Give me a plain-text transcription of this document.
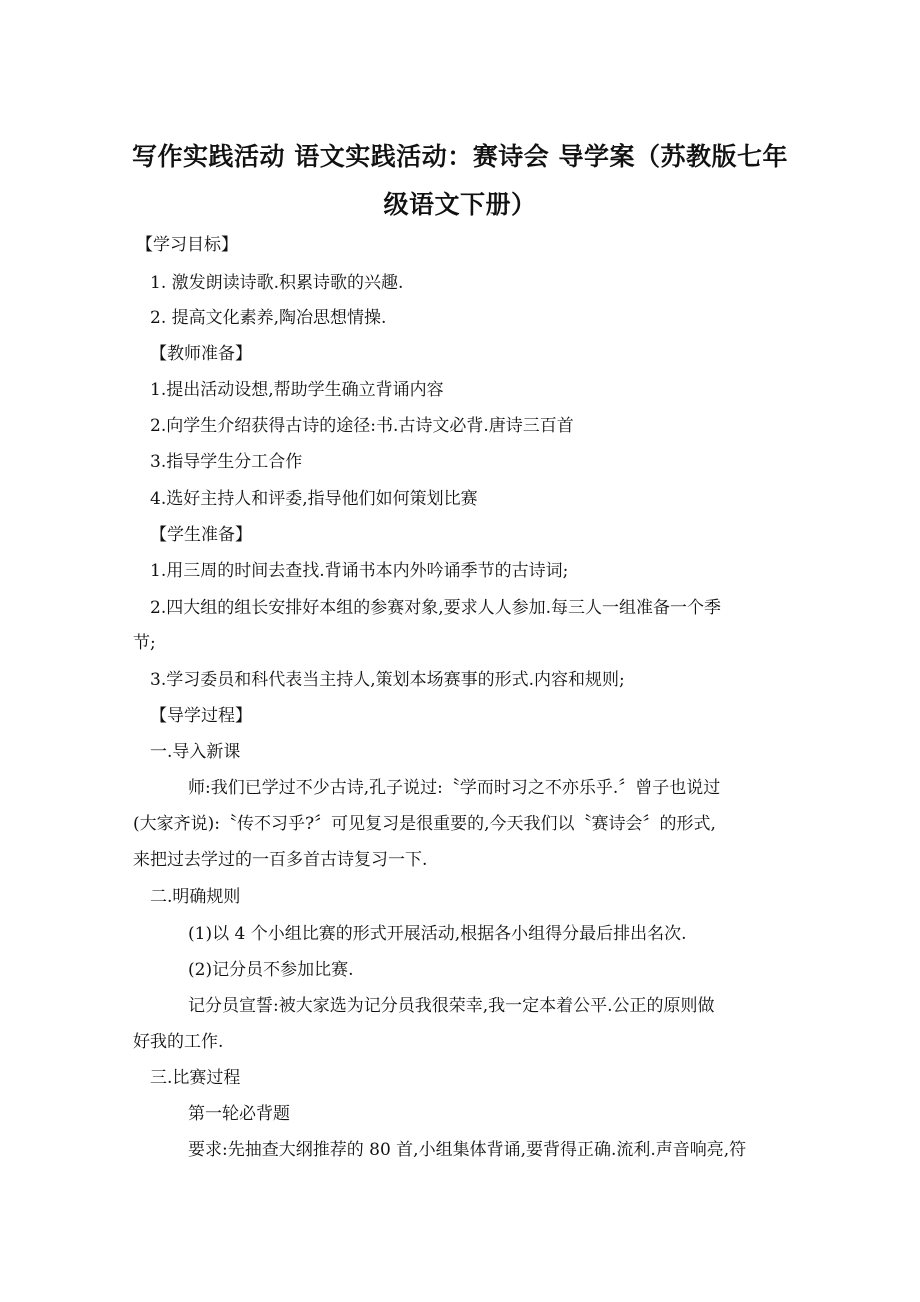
写作实践活动 语文实践活动：赛诗会 导学案（苏教版七年
级语文下册）
【学习目标】
1. 激发朗读诗歌.积累诗歌的兴趣.
2. 提高文化素养,陶冶思想情操.
【教师准备】
1.提出活动设想,帮助学生确立背诵内容
2.向学生介绍获得古诗的途径:书.古诗文必背.唐诗三百首
3.指导学生分工合作
4.选好主持人和评委,指导他们如何策划比赛
【学生准备】
1.用三周的时间去查找.背诵书本内外吟诵季节的古诗词;
2.四大组的组长安排好本组的参赛对象,要求人人参加.每三人一组准备一个季
节;
3.学习委员和科代表当主持人,策划本场赛事的形式.内容和规则;
【导学过程】
一.导入新课
师:我们已学过不少古诗,孔子说过:〝学而时习之不亦乐乎.〞曾子也说过
(大家齐说):〝传不习乎?〞可见复习是很重要的,今天我们以〝赛诗会〞的形式,
来把过去学过的一百多首古诗复习一下.
二.明确规则
(1)以 4 个小组比赛的形式开展活动,根据各小组得分最后排出名次.
(2)记分员不参加比赛.
记分员宣誓:被大家选为记分员我很荣幸,我一定本着公平.公正的原则做
好我的工作.
三.比赛过程
第一轮必背题
要求:先抽查大纲推荐的 80 首,小组集体背诵,要背得正确.流利.声音响亮,符
